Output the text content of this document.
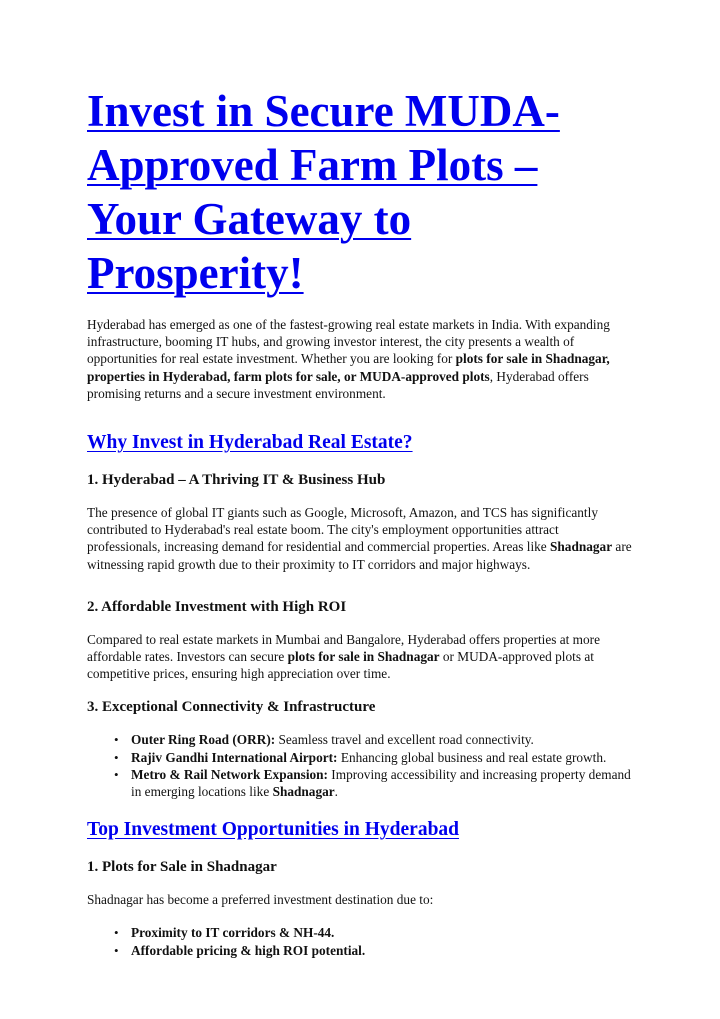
Invest in Secure MUDA-Approved Farm Plots – Your Gateway to Prosperity!

Hyderabad has emerged as one of the fastest-growing real estate markets in India. With expanding infrastructure, booming IT hubs, and growing investor interest, the city presents a wealth of opportunities for real estate investment. Whether you are looking for plots for sale in Shadnagar, properties in Hyderabad, farm plots for sale, or MUDA-approved plots, Hyderabad offers promising returns and a secure investment environment.

Why Invest in Hyderabad Real Estate?

1. Hyderabad – A Thriving IT & Business Hub

The presence of global IT giants such as Google, Microsoft, Amazon, and TCS has significantly contributed to Hyderabad's real estate boom. The city's employment opportunities attract professionals, increasing demand for residential and commercial properties. Areas like Shadnagar are witnessing rapid growth due to their proximity to IT corridors and major highways.

2. Affordable Investment with High ROI

Compared to real estate markets in Mumbai and Bangalore, Hyderabad offers properties at more affordable rates. Investors can secure plots for sale in Shadnagar or MUDA-approved plots at competitive prices, ensuring high appreciation over time.

3. Exceptional Connectivity & Infrastructure

• Outer Ring Road (ORR): Seamless travel and excellent road connectivity.
• Rajiv Gandhi International Airport: Enhancing global business and real estate growth.
• Metro & Rail Network Expansion: Improving accessibility and increasing property demand in emerging locations like Shadnagar.
Top Investment Opportunities in Hyderabad

1. Plots for Sale in Shadnagar

Shadnagar has become a preferred investment destination due to:

• Proximity to IT corridors & NH-44.
• Affordable pricing & high ROI potential.
